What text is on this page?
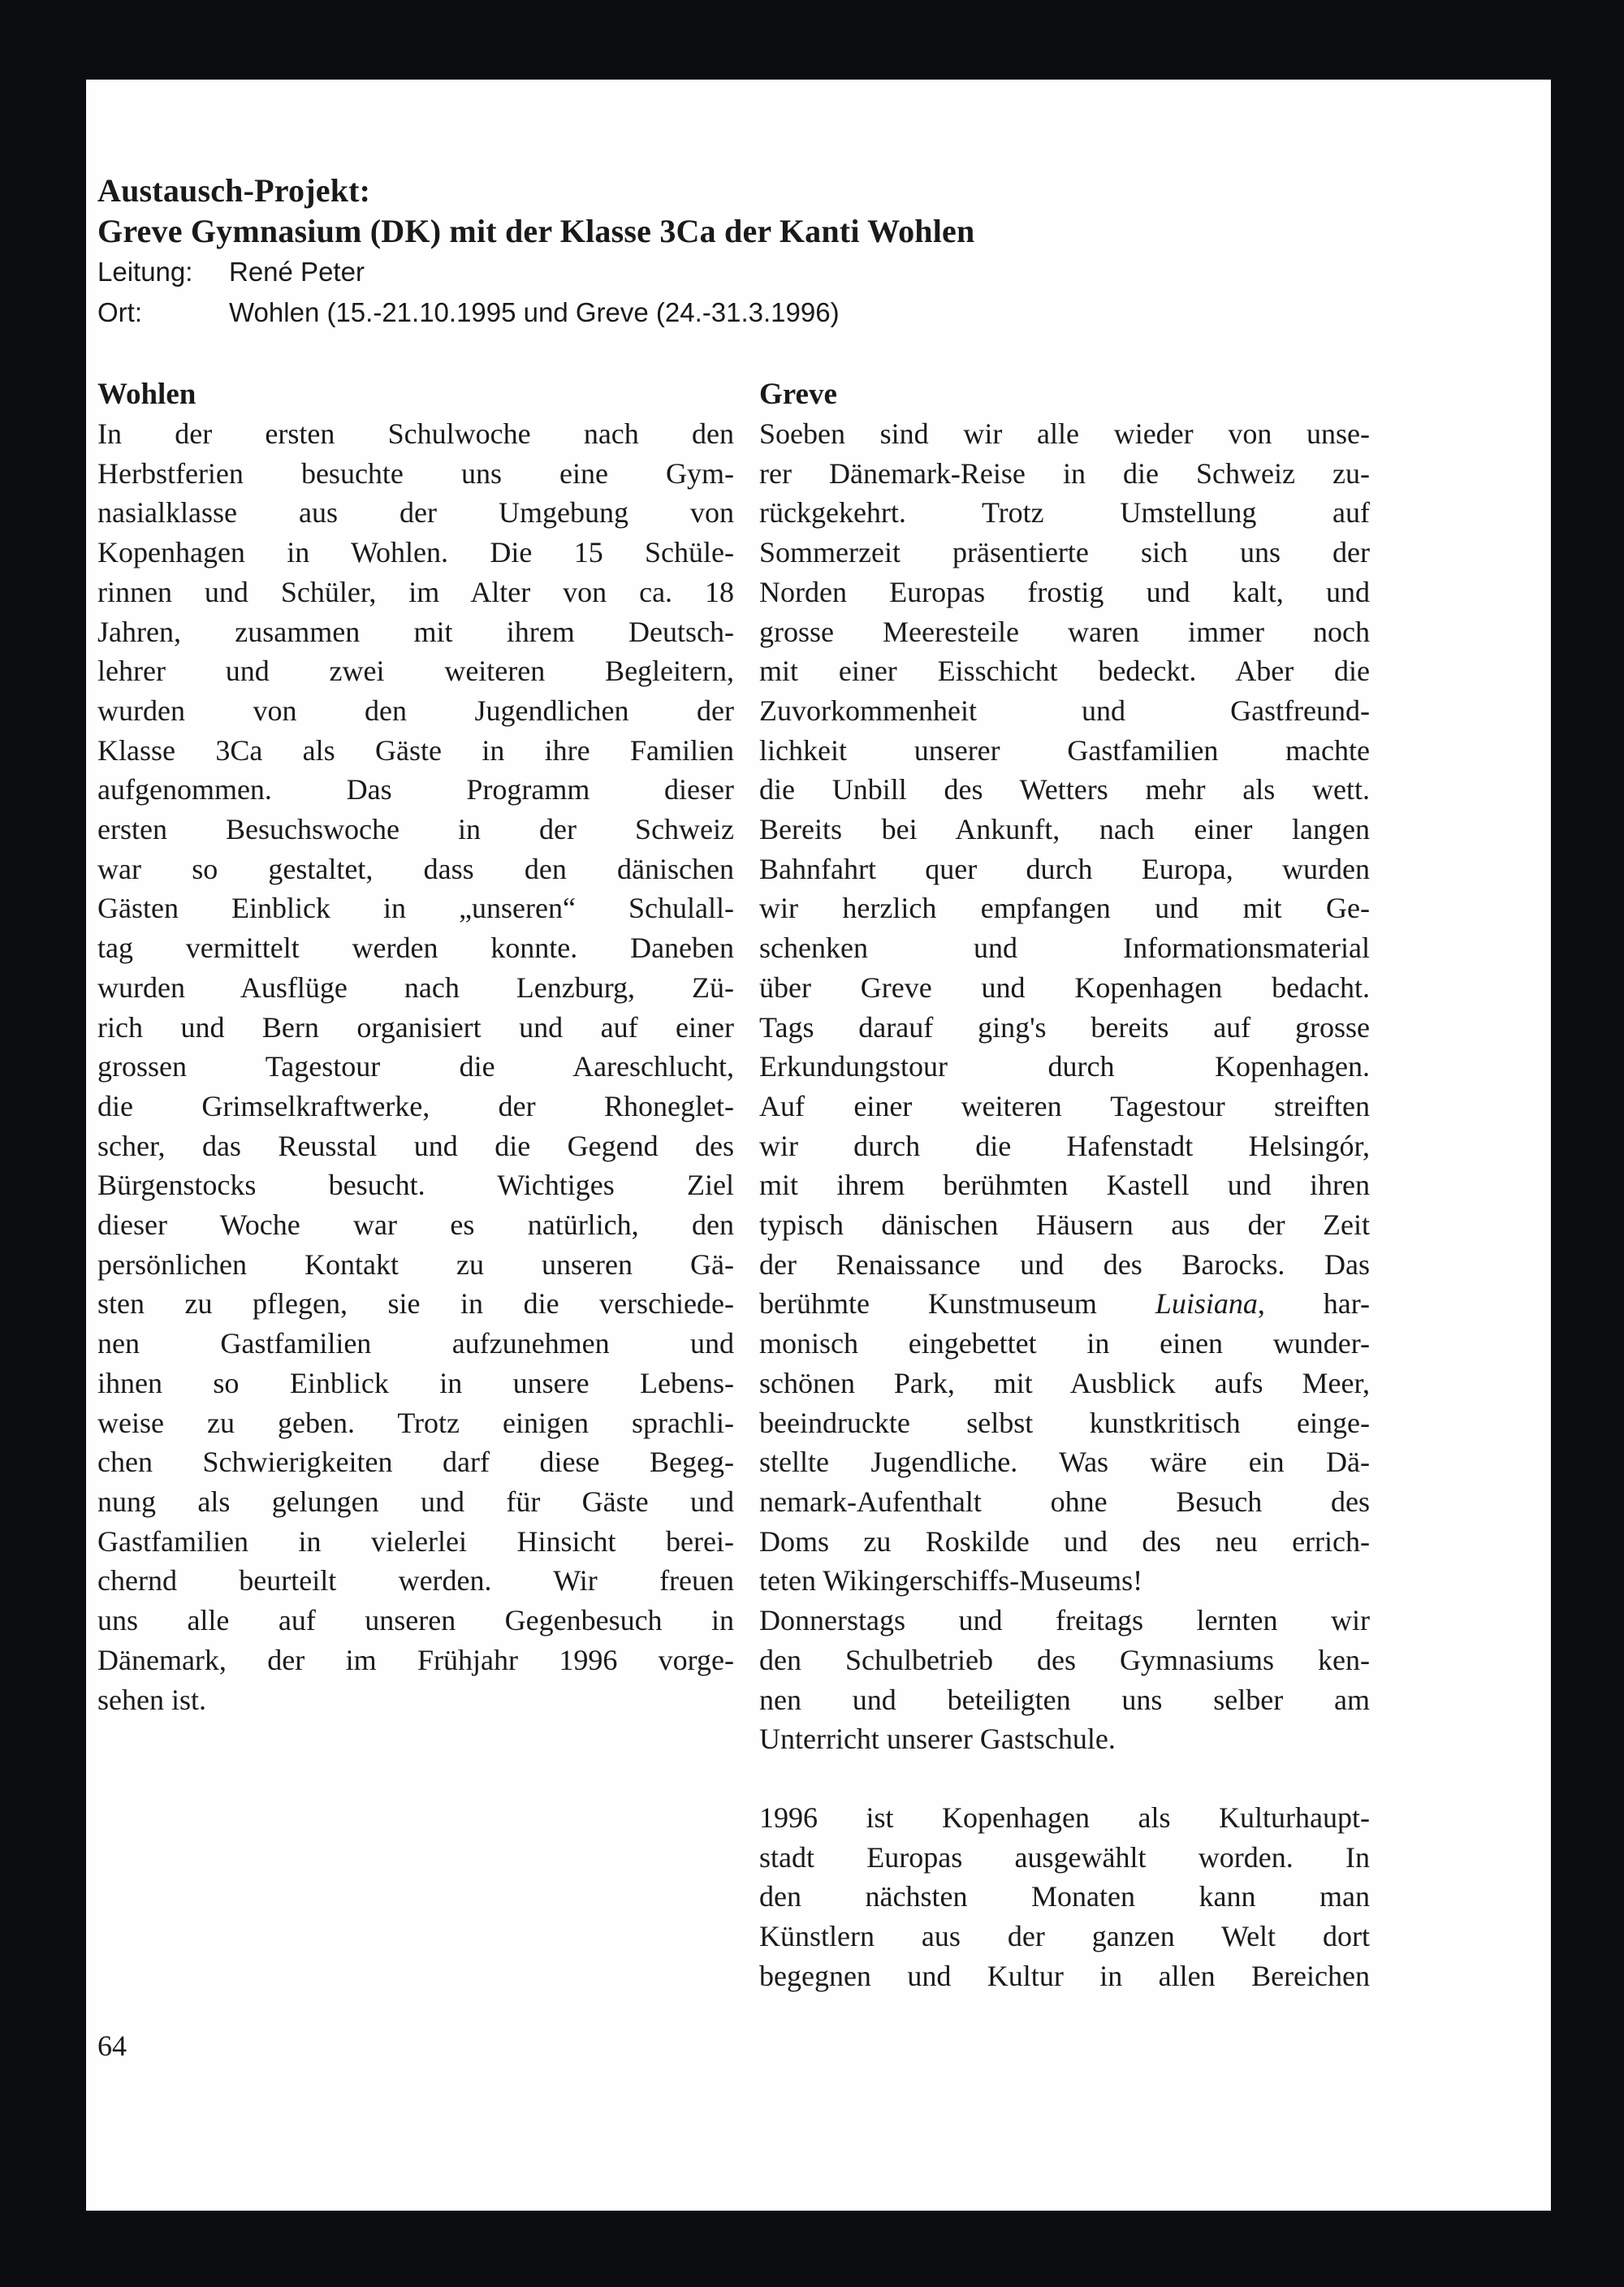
Austausch-Projekt:
Greve Gymnasium (DK) mit der Klasse 3Ca der Kanti Wohlen
Leitung:	René Peter
Ort:	Wohlen (15.-21.10.1995 und Greve (24.-31.3.1996)
Wohlen

In der ersten Schulwoche nach den
Herbstferien besuchte uns eine Gym-
nasialklasse aus der Umgebung von
Kopenhagen in Wohlen. Die 15 Schüle-
rinnen und Schüler, im Alter von ca. 18
Jahren, zusammen mit ihrem Deutsch-
lehrer und zwei weiteren Begleitern,
wurden von den Jugendlichen der
Klasse 3Ca als Gäste in ihre Familien
aufgenommen. Das Programm dieser
ersten Besuchswoche in der Schweiz
war so gestaltet, dass den dänischen
Gästen Einblick in „unseren“ Schulall-
tag vermittelt werden konnte. Daneben
wurden Ausflüge nach Lenzburg, Zü-
rich und Bern organisiert und auf einer
grossen Tagestour die Aareschlucht,
die Grimselkraftwerke, der Rhoneglet-
scher, das Reusstal und die Gegend des
Bürgenstocks besucht. Wichtiges Ziel
dieser Woche war es natürlich, den
persönlichen Kontakt zu unseren Gä-
sten zu pflegen, sie in die verschiede-
nen Gastfamilien aufzunehmen und
ihnen so Einblick in unsere Lebens-
weise zu geben. Trotz einigen sprachli-
chen Schwierigkeiten darf diese Begeg-
nung als gelungen und für Gäste und
Gastfamilien in vielerlei Hinsicht berei-
chernd beurteilt werden. Wir freuen
uns alle auf unseren Gegenbesuch in
Dänemark, der im Frühjahr 1996 vorge-
sehen ist.

Greve

Soeben sind wir alle wieder von unse-
rer Dänemark-Reise in die Schweiz zu-
rückgekehrt. Trotz Umstellung auf
Sommerzeit präsentierte sich uns der
Norden Europas frostig und kalt, und
grosse Meeresteile waren immer noch
mit einer Eisschicht bedeckt. Aber die
Zuvorkommenheit und Gastfreund-
lichkeit unserer Gastfamilien machte
die Unbill des Wetters mehr als wett.
Bereits bei Ankunft, nach einer langen
Bahnfahrt quer durch Europa, wurden
wir herzlich empfangen und mit Ge-
schenken und Informationsmaterial
über Greve und Kopenhagen bedacht.
Tags darauf ging's bereits auf grosse
Erkundungstour durch Kopenhagen.
Auf einer weiteren Tagestour streiften
wir durch die Hafenstadt Helsingór,
mit ihrem berühmten Kastell und ihren
typisch dänischen Häusern aus der Zeit
der Renaissance und des Barocks. Das
berühmte Kunstmuseum Luisiana, har-
monisch eingebettet in einen wunder-
schönen Park, mit Ausblick aufs Meer,
beeindruckte selbst kunstkritisch einge-
stellte Jugendliche. Was wäre ein Dä-
nemark-Aufenthalt ohne Besuch des
Doms zu Roskilde und des neu errich-
teten Wikingerschiffs-Museums!

Donnerstags und freitags lernten wir
den Schulbetrieb des Gymnasiums ken-
nen und beteiligten uns selber am
Unterricht unserer Gastschule.

1996 ist Kopenhagen als Kulturhaupt-
stadt Europas ausgewählt worden. In
den nächsten Monaten kann man
Künstlern aus der ganzen Welt dort
begegnen und Kultur in allen Bereichen

64
